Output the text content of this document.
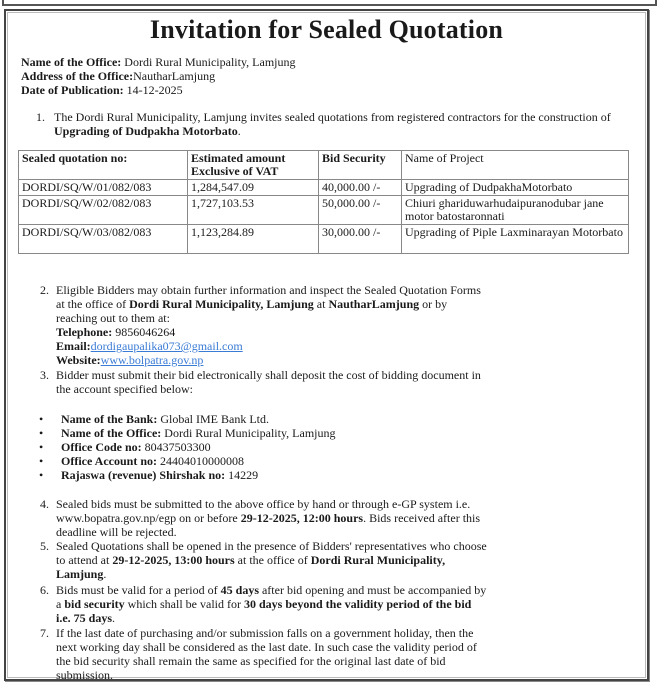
Invitation for Sealed Quotation
Name of the Office: Dordi Rural Municipality, Lamjung
Address of the Office:NautharLamjung
Date of Publication: 14-12-2025
1. The Dordi Rural Municipality, Lamjung invites sealed quotations from registered contractors for the construction of Upgrading of Dudpakha Motorbato.
Sealed quotation no:	Estimated amount Exclusive of VAT	Bid Security	Name of Project
DORDI/SQ/W/01/082/083	1,284,547.09	40,000.00 /-	Upgrading of DudpakhaMotorbato
DORDI/SQ/W/02/082/083	1,727,103.53	50,000.00 /-	Chiuri ghariduwarhudaipuranodubar jane motor batostaronnati
DORDI/SQ/W/03/082/083	1,123,284.89	30,000.00 /-	Upgrading of Piple Laxminarayan Motorbato
2. Eligible Bidders may obtain further information and inspect the Sealed Quotation Forms
at the office of Dordi Rural Municipality, Lamjung at NautharLamjung or by
reaching out to them at:
Telephone: 9856046264
Email:dordigaupalika073@gmail.com
Website:www.bolpatra.gov.np
3. Bidder must submit their bid electronically shall deposit the cost of bidding document in
the account specified below:
• Name of the Bank: Global IME Bank Ltd.
• Name of the Office: Dordi Rural Municipality, Lamjung
• Office Code no: 80437503300
• Office Account no: 24404010000008
• Rajaswa (revenue) Shirshak no: 14229
4. Sealed bids must be submitted to the above office by hand or through e-GP system i.e.
www.bopatra.gov.np/egp on or before 29-12-2025, 12:00 hours. Bids received after this
deadline will be rejected.
5. Sealed Quotations shall be opened in the presence of Bidders' representatives who choose
to attend at 29-12-2025, 13:00 hours at the office of Dordi Rural Municipality,
Lamjung.
6. Bids must be valid for a period of 45 days after bid opening and must be accompanied by
a bid security which shall be valid for 30 days beyond the validity period of the bid
i.e. 75 days.
7. If the last date of purchasing and/or submission falls on a government holiday, then the
next working day shall be considered as the last date. In such case the validity period of
the bid security shall remain the same as specified for the original last date of bid
submission.
